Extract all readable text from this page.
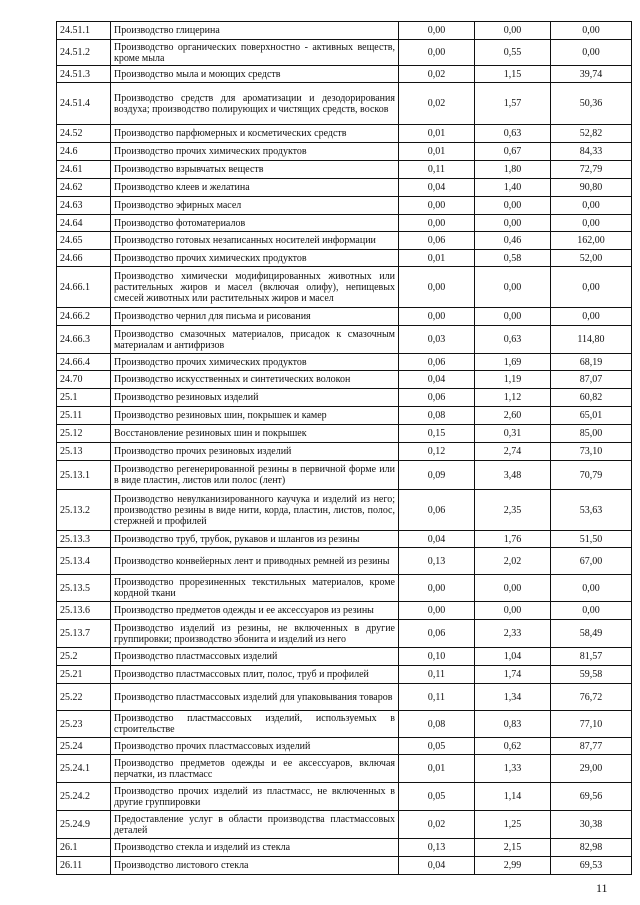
24.51.1	Производство глицерина	0,00	0,00	0,00
24.51.2	Производство органических поверхностно - активных веществ, кроме мыла	0,00	0,55	0,00
24.51.3	Производство мыла и моющих средств	0,02	1,15	39,74
24.51.4	Производство средств для ароматизации и дезодорирования воздуха; производство полирующих и чистящих средств, восков	0,02	1,57	50,36
24.52	Производство парфюмерных и косметических средств	0,01	0,63	52,82
24.6	Производство прочих химических продуктов	0,01	0,67	84,33
24.61	Производство взрывчатых веществ	0,11	1,80	72,79
24.62	Производство клеев и желатина	0,04	1,40	90,80
24.63	Производство эфирных масел	0,00	0,00	0,00
24.64	Производство фотоматериалов	0,00	0,00	0,00
24.65	Производство готовых незаписанных носителей информации	0,06	0,46	162,00
24.66	Производство прочих химических продуктов	0,01	0,58	52,00
24.66.1	Производство химически модифицированных животных или растительных жиров и масел (включая олифу), непищевых смесей животных или растительных жиров и масел	0,00	0,00	0,00
24.66.2	Производство чернил для письма и рисования	0,00	0,00	0,00
24.66.3	Производство смазочных материалов, присадок к смазочным материалам и антифризов	0,03	0,63	114,80
24.66.4	Производство прочих химических продуктов	0,06	1,69	68,19
24.70	Производство искусственных и синтетических волокон	0,04	1,19	87,07
25.1	Производство резиновых изделий	0,06	1,12	60,82
25.11	Производство резиновых шин, покрышек и камер	0,08	2,60	65,01
25.12	Восстановление резиновых шин и покрышек	0,15	0,31	85,00
25.13	Производство прочих резиновых изделий	0,12	2,74	73,10
25.13.1	Производство регенерированной резины в первичной форме или в виде пластин, листов или полос (лент)	0,09	3,48	70,79
25.13.2	Производство невулканизированного каучука и изделий из него; производство резины в виде нити, корда, пластин, листов, полос, стержней и профилей	0,06	2,35	53,63
25.13.3	Производство труб, трубок, рукавов и шлангов из резины	0,04	1,76	51,50
25.13.4	Производство конвейерных лент и приводных ремней из резины	0,13	2,02	67,00
25.13.5	Производство прорезиненных текстильных материалов, кроме кордной ткани	0,00	0,00	0,00
25.13.6	Производство предметов одежды и ее аксессуаров из резины	0,00	0,00	0,00
25.13.7	Производство изделий из резины, не включенных в другие группировки; производство эбонита и изделий из него	0,06	2,33	58,49
25.2	Производство пластмассовых изделий	0,10	1,04	81,57
25.21	Производство пластмассовых плит, полос, труб и профилей	0,11	1,74	59,58
25.22	Производство пластмассовых изделий для упаковывания товаров	0,11	1,34	76,72
25.23	Производство пластмассовых изделий, используемых в строительстве	0,08	0,83	77,10
25.24	Производство прочих пластмассовых изделий	0,05	0,62	87,77
25.24.1	Производство предметов одежды и ее аксессуаров, включая перчатки, из пластмасс	0,01	1,33	29,00
25.24.2	Производство прочих изделий из пластмасс, не включенных в другие группировки	0,05	1,14	69,56
25.24.9	Предоставление услуг в области производства пластмассовых деталей	0,02	1,25	30,38
26.1	Производство стекла и изделий из стекла	0,13	2,15	82,98
26.11	Производство листового стекла	0,04	2,99	69,53
11
